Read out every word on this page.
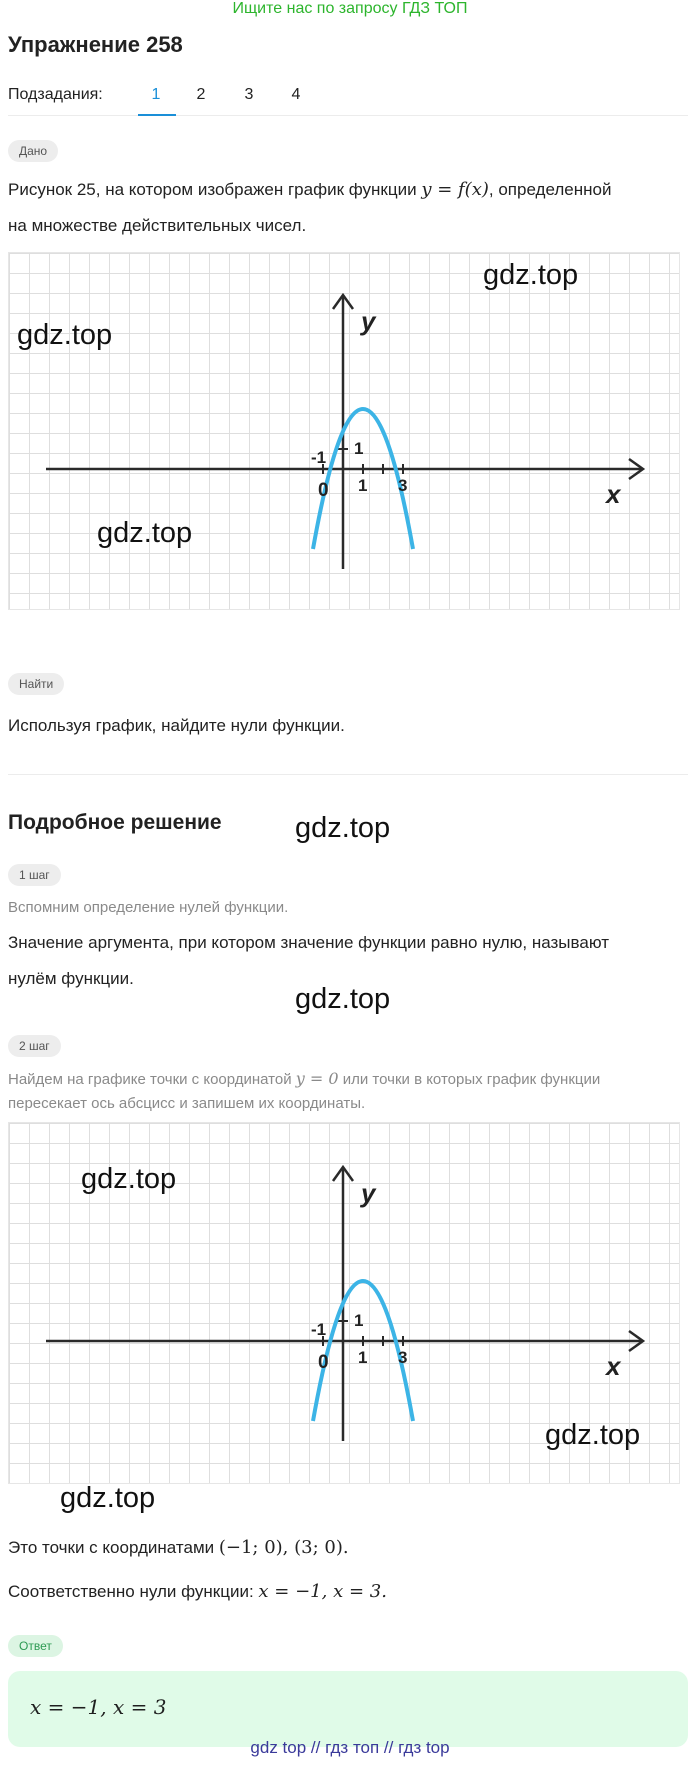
Ищите нас по запросу ГДЗ ТОП
Упражнение 258
Подзадания:	1	2	3	4
Дано
Рисунок 25, на котором изображен график функции y = f(x), определенной
на множестве действительных чисел.
y
x
-1 1
0 1 3
gdz.top
gdz.top
gdz.top
Найти
Используя график, найдите нули функции.
Подробное решение	gdz.top
1 шаг
Вспомним определение нулей функции.
Значение аргумента, при котором значение функции равно нулю, называют
нулём функции.
gdz.top
2 шаг
Найдем на графике точки с координатой y = 0 или точки в которых график функции
пересекает ось абсцисс и запишем их координаты.
y
x
-1 1
0 1 3
gdz.top
gdz.top
gdz.top
Это точки с координатами (−1; 0), (3; 0).
Соответственно нули функции: x = −1, x = 3.
Ответ
x = −1, x = 3
gdz top // гдз топ // гдз top
